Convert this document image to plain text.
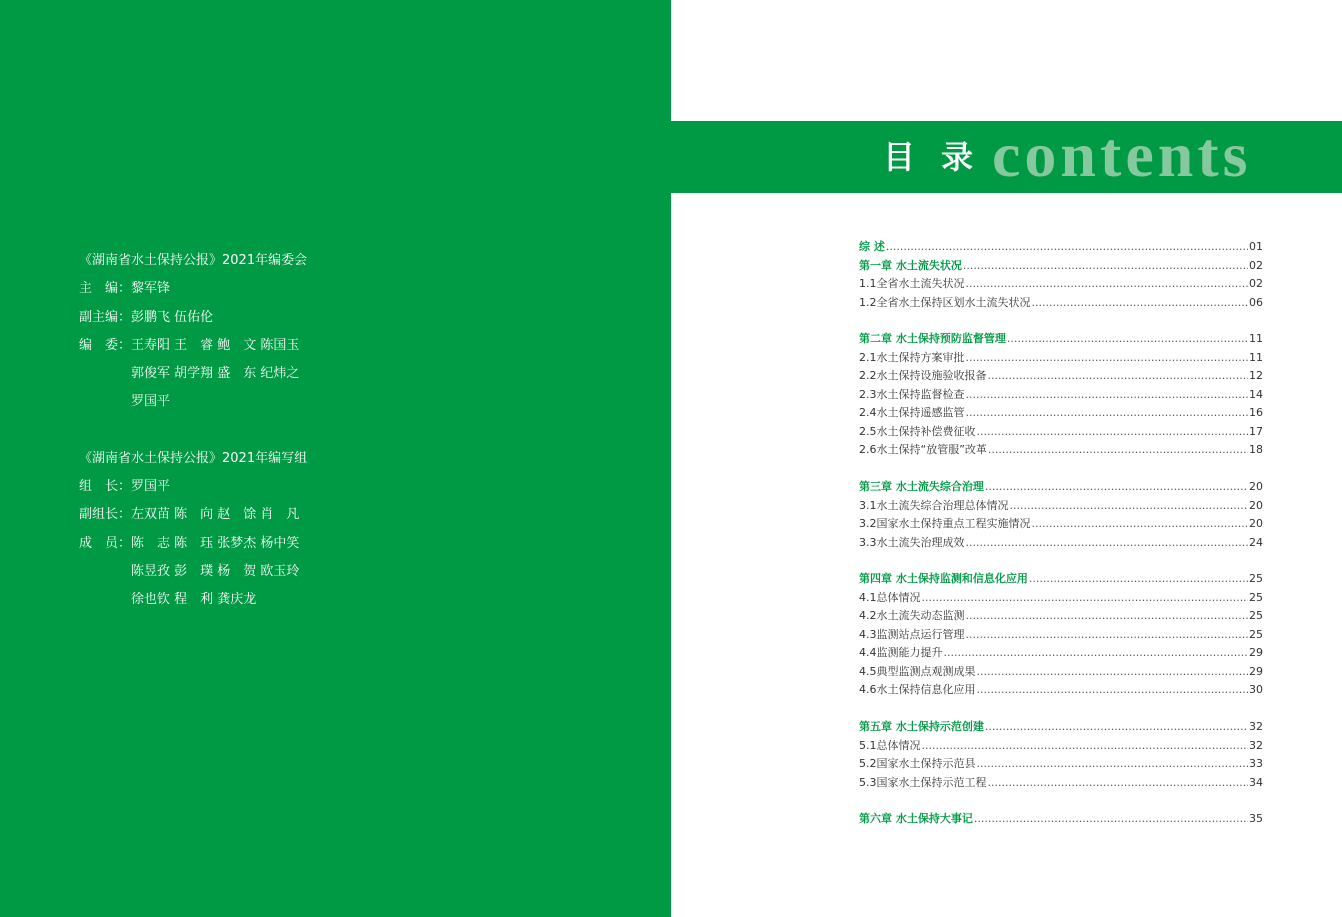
《湖南省水土保持公报》2021年编委会
主　编：黎军锋
副主编：彭鹏飞 伍佑伦
编　委：王寿阳 王　睿 鲍　文 陈国玉
郭俊军 胡学翔 盛　东 纪炜之
罗国平
《湖南省水土保持公报》2021年编写组
组　长：罗国平
副组长：左双苗 陈　向 赵　馀 肖　凡
成　员：陈　志 陈　珏 张梦杰 杨中笑
陈昱孜 彭　璞 杨　贺 欧玉玲
徐也钦 程　利 龚庆龙
目录
contents
综 述 .....	01
第一章 水土流失状况 .....	02
1.1全省水土流失状况 .....	02
1.2全省水土保持区划水土流失状况 .....	06
第二章 水土保持预防监督管理 .....	11
2.1水土保持方案审批 .....	11
2.2水土保持设施验收报备 .....	12
2.3水土保持监督检查 .....	14
2.4水土保持遥感监管 .....	16
2.5水土保持补偿费征收 .....	17
2.6水土保持“放管服”改革 .....	18
第三章 水土流失综合治理 .....	20
3.1水土流失综合治理总体情况 .....	20
3.2国家水土保持重点工程实施情况 .....	20
3.3水土流失治理成效 .....	24
第四章 水土保持监测和信息化应用 .....	25
4.1总体情况 .....	25
4.2水土流失动态监测 .....	25
4.3监测站点运行管理 .....	25
4.4监测能力提升 .....	29
4.5典型监测点观测成果 .....	29
4.6水土保持信息化应用 .....	30
第五章 水土保持示范创建 .....	32
5.1总体情况 .....	32
5.2国家水土保持示范县 .....	33
5.3国家水土保持示范工程 .....	34
第六章 水土保持大事记 .....	35
